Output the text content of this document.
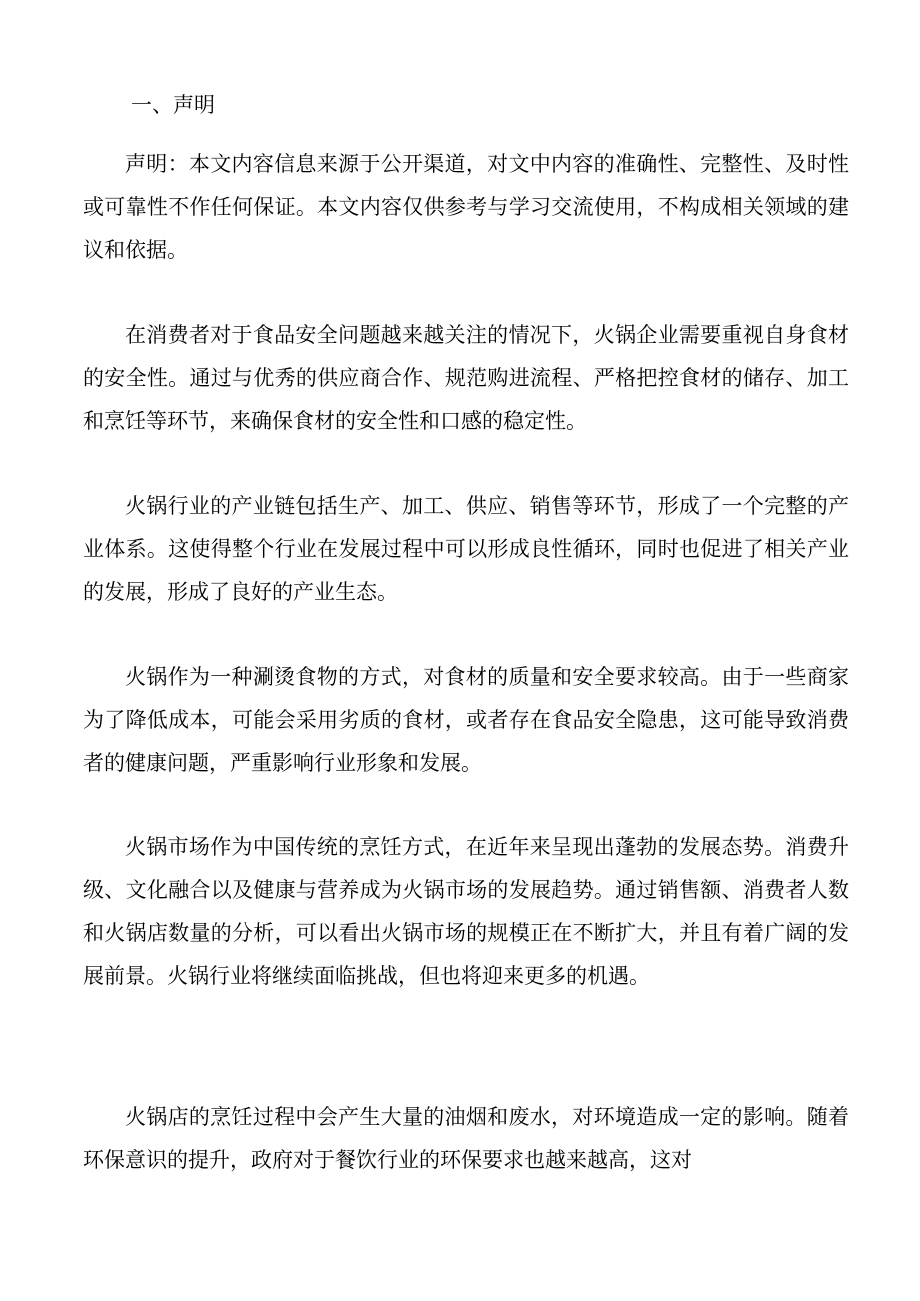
一、声明

声明：本文内容信息来源于公开渠道，对文中内容的准确性、完整性、及时性或可靠性不作任何保证。本文内容仅供参考与学习交流使用，不构成相关领域的建议和依据。

在消费者对于食品安全问题越来越关注的情况下，火锅企业需要重视自身食材的安全性。通过与优秀的供应商合作、规范购进流程、严格把控食材的储存、加工和烹饪等环节，来确保食材的安全性和口感的稳定性。

火锅行业的产业链包括生产、加工、供应、销售等环节，形成了一个完整的产业体系。这使得整个行业在发展过程中可以形成良性循环，同时也促进了相关产业的发展，形成了良好的产业生态。

火锅作为一种涮烫食物的方式，对食材的质量和安全要求较高。由于一些商家为了降低成本，可能会采用劣质的食材，或者存在食品安全隐患，这可能导致消费者的健康问题，严重影响行业形象和发展。

火锅市场作为中国传统的烹饪方式，在近年来呈现出蓬勃的发展态势。消费升级、文化融合以及健康与营养成为火锅市场的发展趋势。通过销售额、消费者人数和火锅店数量的分析，可以看出火锅市场的规模正在不断扩大，并且有着广阔的发展前景。火锅行业将继续面临挑战，但也将迎来更多的机遇。

火锅店的烹饪过程中会产生大量的油烟和废水，对环境造成一定的影响。随着环保意识的提升，政府对于餐饮行业的环保要求也越来越高，这对
